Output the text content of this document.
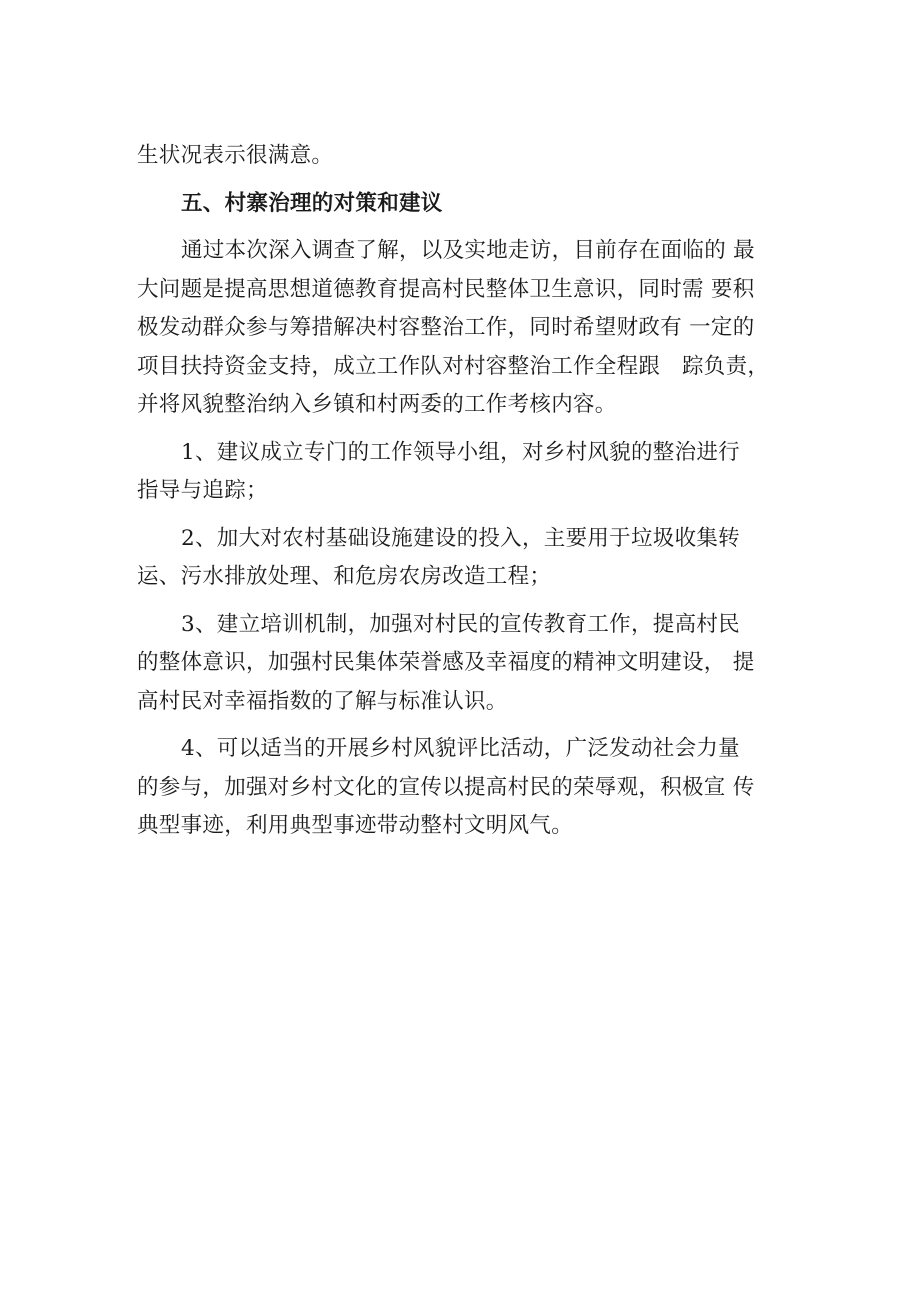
生状况表示很满意。

五、村寨治理的对策和建议

通过本次深入调查了解，以及实地走访，目前存在面临的 最
大问题是提高思想道德教育提高村民整体卫生意识，同时需 要积
极发动群众参与筹措解决村容整治工作，同时希望财政有 一定的
项目扶持资金支持，成立工作队对村容整治工作全程跟　踪负责，
并将风貌整治纳入乡镇和村两委的工作考核内容。

1、建议成立专门的工作领导小组，对乡村风貌的整治进行
指导与追踪；

2、加大对农村基础设施建设的投入，主要用于垃圾收集转
运、污水排放处理、和危房农房改造工程；

3、建立培训机制，加强对村民的宣传教育工作，提高村民
的整体意识，加强村民集体荣誉感及幸福度的精神文明建设， 提
高村民对幸福指数的了解与标准认识。

4、可以适当的开展乡村风貌评比活动，广泛发动社会力量
的参与，加强对乡村文化的宣传以提高村民的荣辱观，积极宣 传
典型事迹，利用典型事迹带动整村文明风气。
